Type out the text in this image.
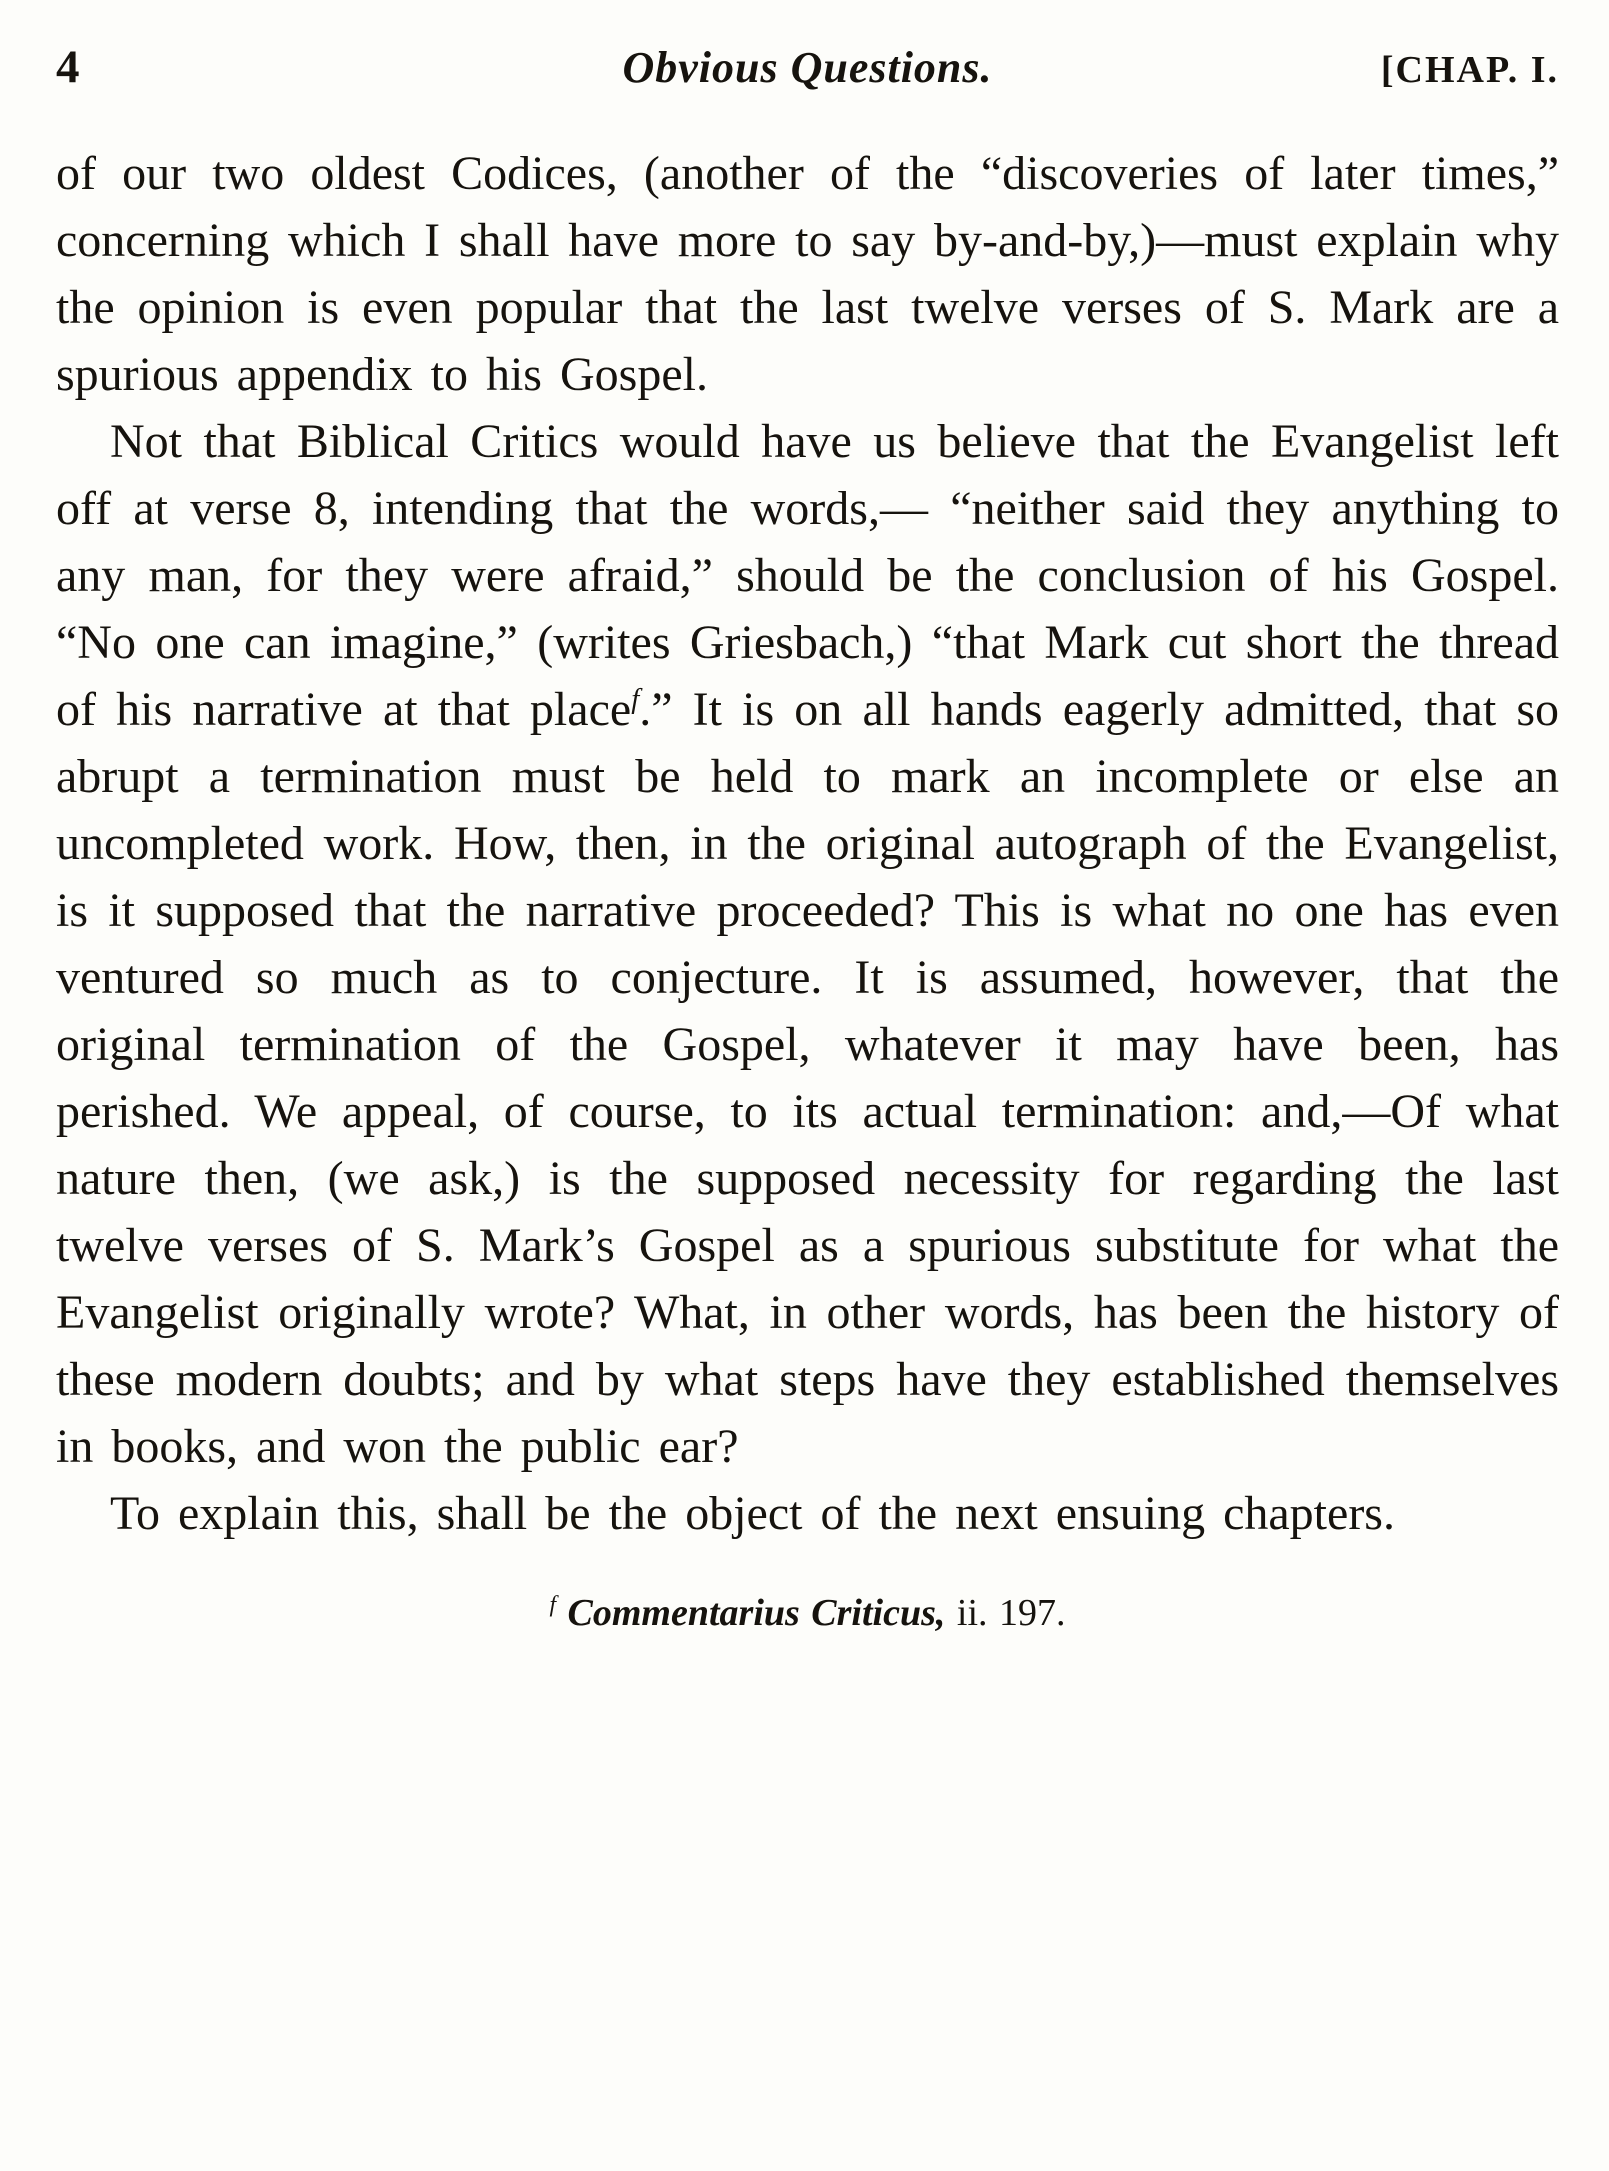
4	Obvious Questions.	[CHAP. I.

of our two oldest Codices, (another of the “discoveries of later times,” concerning which I shall have more to say by-and-by,)—must explain why the opinion is even popular that the last twelve verses of S. Mark are a spurious appendix to his Gospel.

Not that Biblical Critics would have us believe that the Evangelist left off at verse 8, intending that the words,— “neither said they anything to any man, for they were afraid,” should be the conclusion of his Gospel. “No one can imagine,” (writes Griesbach,) “that Mark cut short the thread of his narrative at that place$^f$.” It is on all hands eagerly admitted, that so abrupt a termination must be held to mark an incomplete or else an uncompleted work. How, then, in the original autograph of the Evangelist, is it supposed that the narrative proceeded? This is what no one has even ventured so much as to conjecture. It is assumed, however, that the original termination of the Gospel, whatever it may have been, has perished. We appeal, of course, to its actual termination: and,—Of what nature then, (we ask,) is the supposed necessity for regarding the last twelve verses of S. Mark’s Gospel as a spurious substitute for what the Evangelist originally wrote? What, in other words, has been the history of these modern doubts; and by what steps have they established themselves in books, and won the public ear?

To explain this, shall be the object of the next ensuing chapters.

$^f$ Commentarius Criticus, ii. 197.
